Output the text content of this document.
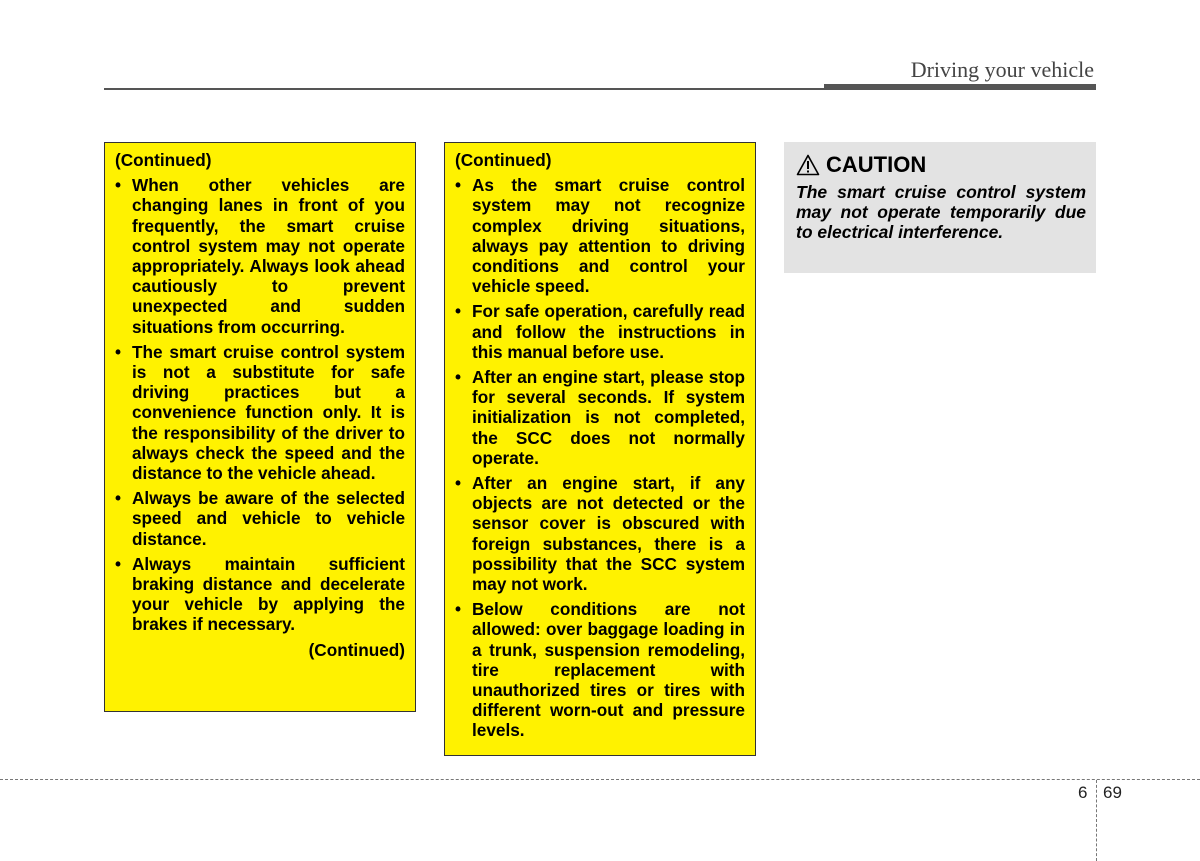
Driving your vehicle
(Continued)
• When other vehicles are changing lanes in front of you frequently, the smart cruise control system may not operate appropriately. Always look ahead cautiously to prevent unexpected and sudden situations from occurring.
• The smart cruise control system is not a substitute for safe driving practices but a convenience function only. It is the responsibility of the driver to always check the speed and the distance to the vehicle ahead.
• Always be aware of the selected speed and vehicle to vehicle distance.
• Always maintain sufficient braking distance and decelerate your vehicle by applying the brakes if necessary.
(Continued)
(Continued)
• As the smart cruise control system may not recognize complex driving situations, always pay attention to driving conditions and control your vehicle speed.
• For safe operation, carefully read and follow the instructions in this manual before use.
• After an engine start, please stop for several seconds. If system initialization is not completed, the SCC does not normally operate.
• After an engine start, if any objects are not detected or the sensor cover is obscured with foreign substances, there is a possibility that the SCC system may not work.
• Below conditions are not allowed: over baggage loading in a trunk, suspension remodeling, tire replacement with unauthorized tires or tires with different worn-out and pressure levels.
CAUTION
The smart cruise control system may not operate temporarily due to electrical interference.
6 69
